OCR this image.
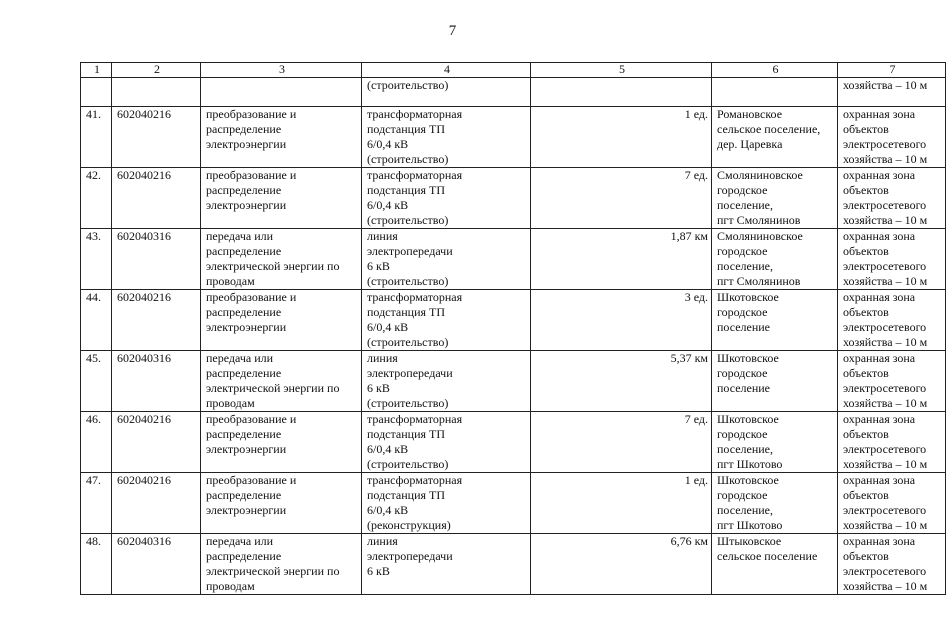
7
1	2	3	4	5	6	7
			(строительство)			хозяйства – 10 м
41.	602040216	преобразование и
распределение
электроэнергии	трансформаторная
подстанция ТП
6/0,4 кВ
(строительство)	1 ед.	Романовское
сельское поселение,
дер. Царевка	охранная зона
объектов
электросетевого
хозяйства – 10 м
42.	602040216	преобразование и
распределение
электроэнергии	трансформаторная
подстанция ТП
6/0,4 кВ
(строительство)	7 ед.	Смоляниновское
городское
поселение,
пгт Смолянинов	охранная зона
объектов
электросетевого
хозяйства – 10 м
43.	602040316	передача или
распределение
электрической энергии по
проводам	линия
электропередачи
6 кВ
(строительство)	1,87 км	Смоляниновское
городское
поселение,
пгт Смолянинов	охранная зона
объектов
электросетевого
хозяйства – 10 м
44.	602040216	преобразование и
распределение
электроэнергии	трансформаторная
подстанция ТП
6/0,4 кВ
(строительство)	3 ед.	Шкотовское
городское
поселение	охранная зона
объектов
электросетевого
хозяйства – 10 м
45.	602040316	передача или
распределение
электрической энергии по
проводам	линия
электропередачи
6 кВ
(строительство)	5,37 км	Шкотовское
городское
поселение	охранная зона
объектов
электросетевого
хозяйства – 10 м
46.	602040216	преобразование и
распределение
электроэнергии	трансформаторная
подстанция ТП
6/0,4 кВ
(строительство)	7 ед.	Шкотовское
городское
поселение,
пгт Шкотово	охранная зона
объектов
электросетевого
хозяйства – 10 м
47.	602040216	преобразование и
распределение
электроэнергии	трансформаторная
подстанция ТП
6/0,4 кВ
(реконструкция)	1 ед.	Шкотовское
городское
поселение,
пгт Шкотово	охранная зона
объектов
электросетевого
хозяйства – 10 м
48.	602040316	передача или
распределение
электрической энергии по
проводам	линия
электропередачи
6 кВ	6,76 км	Штыковское
сельское поселение	охранная зона
объектов
электросетевого
хозяйства – 10 м
